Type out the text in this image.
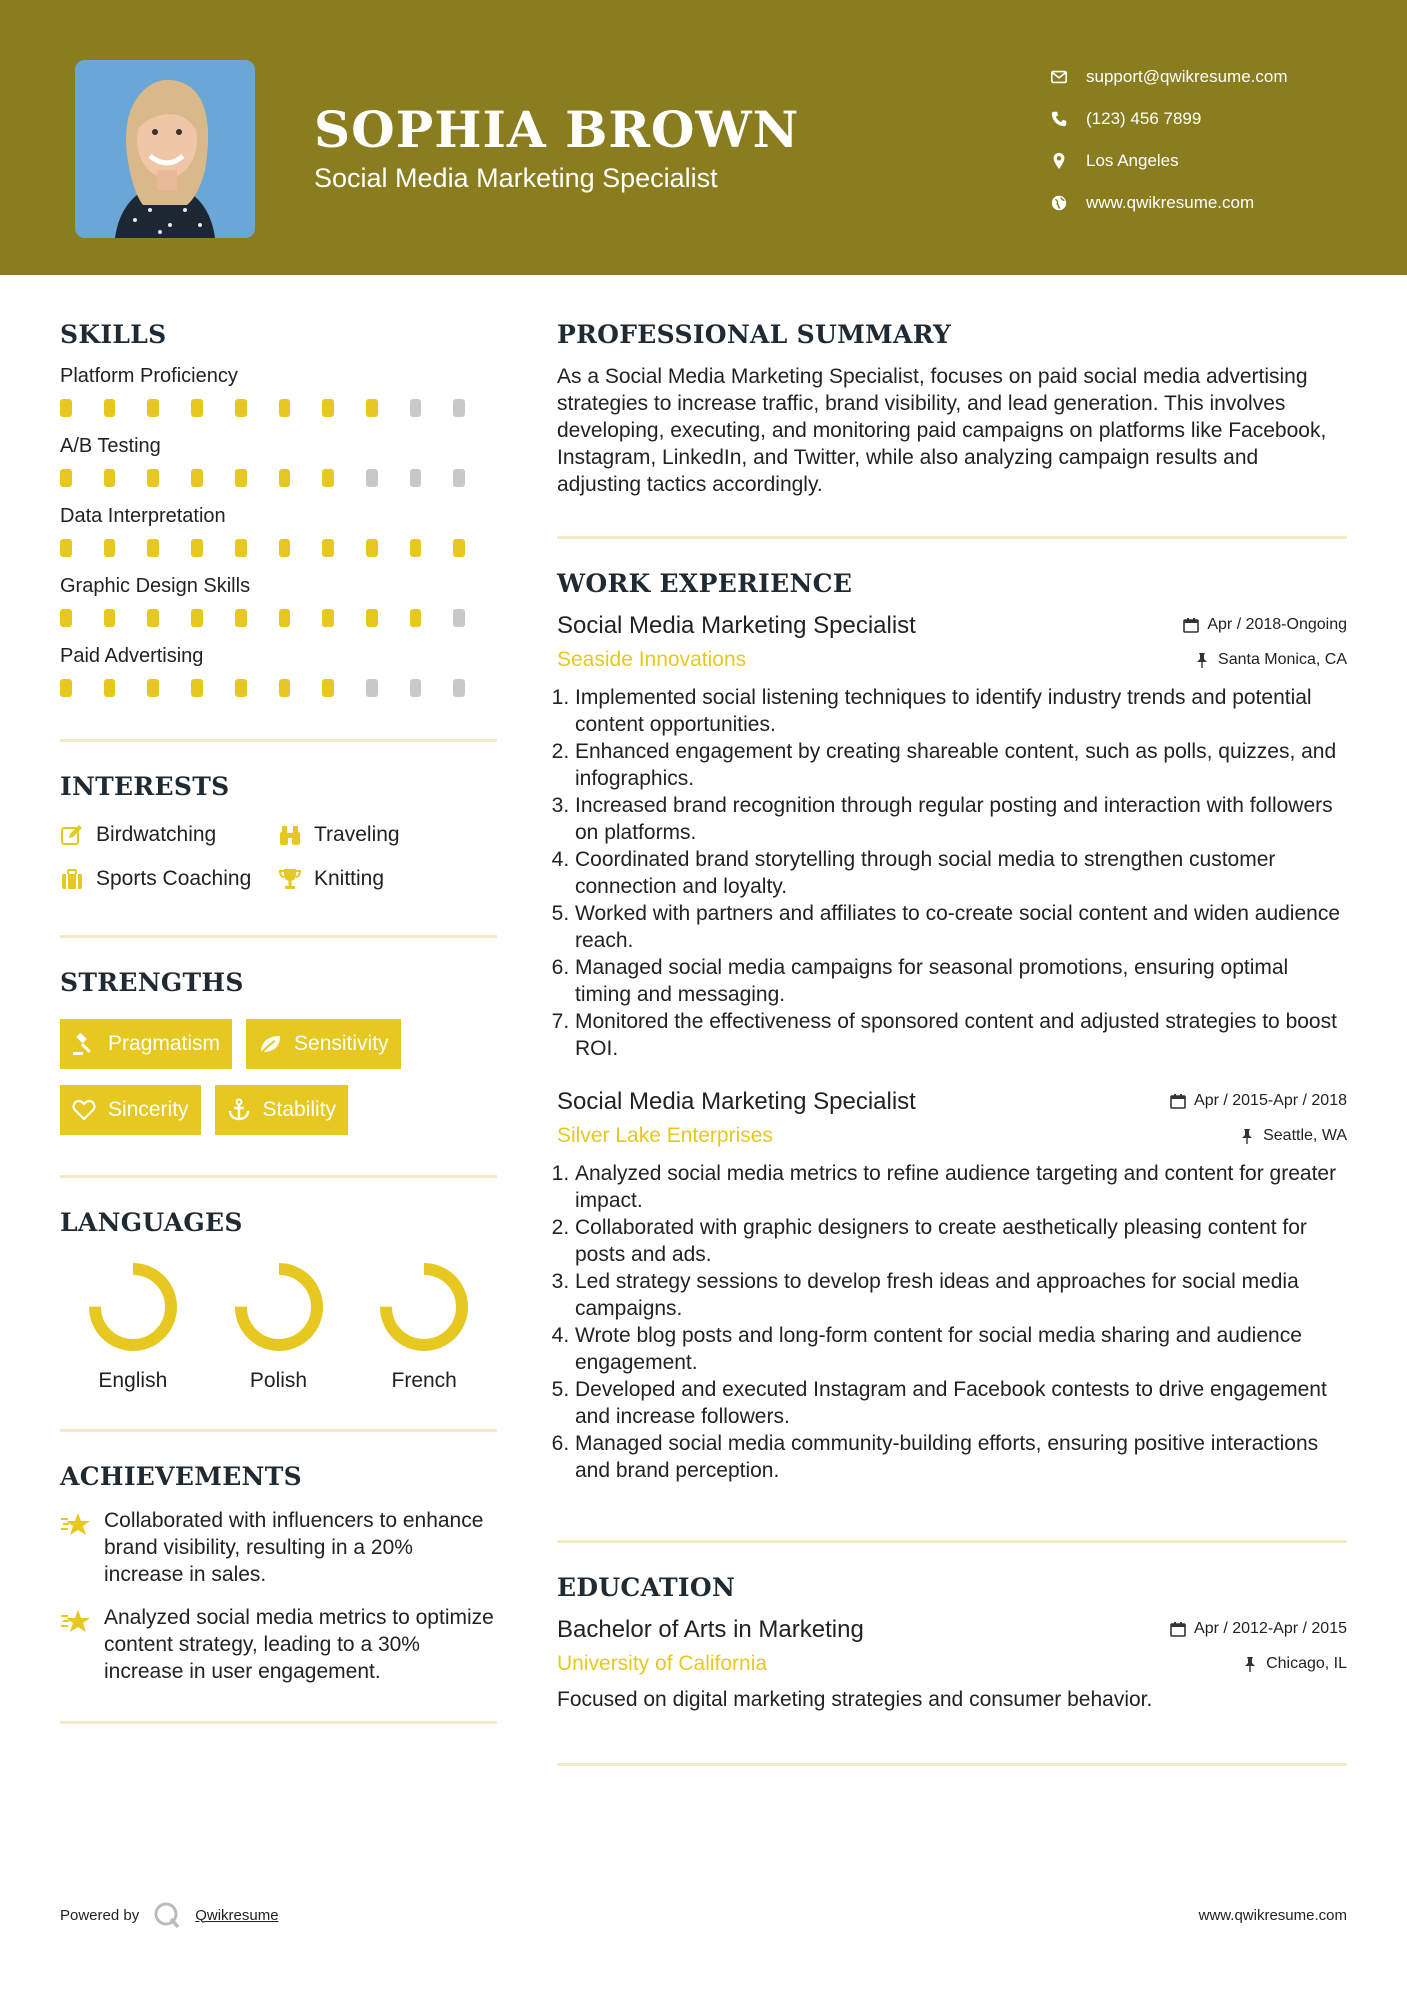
SOPHIA BROWN
Social Media Marketing Specialist
support@qwikresume.com
(123) 456 7899
Los Angeles
www.qwikresume.com
SKILLS
Platform Proficiency
A/B Testing
Data Interpretation
Graphic Design Skills
Paid Advertising
INTERESTS
Birdwatching	Traveling
Sports Coaching	Knitting
STRENGTHS
Pragmatism	Sensitivity
Sincerity	Stability
LANGUAGES
English	Polish	French
ACHIEVEMENTS
Collaborated with influencers to enhance brand visibility, resulting in a 20% increase in sales.
Analyzed social media metrics to optimize content strategy, leading to a 30% increase in user engagement.
PROFESSIONAL SUMMARY
As a Social Media Marketing Specialist, focuses on paid social media advertising strategies to increase traffic, brand visibility, and lead generation. This involves developing, executing, and monitoring paid campaigns on platforms like Facebook, Instagram, LinkedIn, and Twitter, while also analyzing campaign results and adjusting tactics accordingly.
WORK EXPERIENCE
Social Media Marketing Specialist	Apr / 2018-Ongoing
Seaside Innovations	Santa Monica, CA
1. Implemented social listening techniques to identify industry trends and potential content opportunities.
2. Enhanced engagement by creating shareable content, such as polls, quizzes, and infographics.
3. Increased brand recognition through regular posting and interaction with followers on platforms.
4. Coordinated brand storytelling through social media to strengthen customer connection and loyalty.
5. Worked with partners and affiliates to co-create social content and widen audience reach.
6. Managed social media campaigns for seasonal promotions, ensuring optimal timing and messaging.
7. Monitored the effectiveness of sponsored content and adjusted strategies to boost ROI.
Social Media Marketing Specialist	Apr / 2015-Apr / 2018
Silver Lake Enterprises	Seattle, WA
1. Analyzed social media metrics to refine audience targeting and content for greater impact.
2. Collaborated with graphic designers to create aesthetically pleasing content for posts and ads.
3. Led strategy sessions to develop fresh ideas and approaches for social media campaigns.
4. Wrote blog posts and long-form content for social media sharing and audience engagement.
5. Developed and executed Instagram and Facebook contests to drive engagement and increase followers.
6. Managed social media community-building efforts, ensuring positive interactions and brand perception.
EDUCATION
Bachelor of Arts in Marketing	Apr / 2012-Apr / 2015
University of California	Chicago, IL
Focused on digital marketing strategies and consumer behavior.
Powered by	Qwikresume	www.qwikresume.com
